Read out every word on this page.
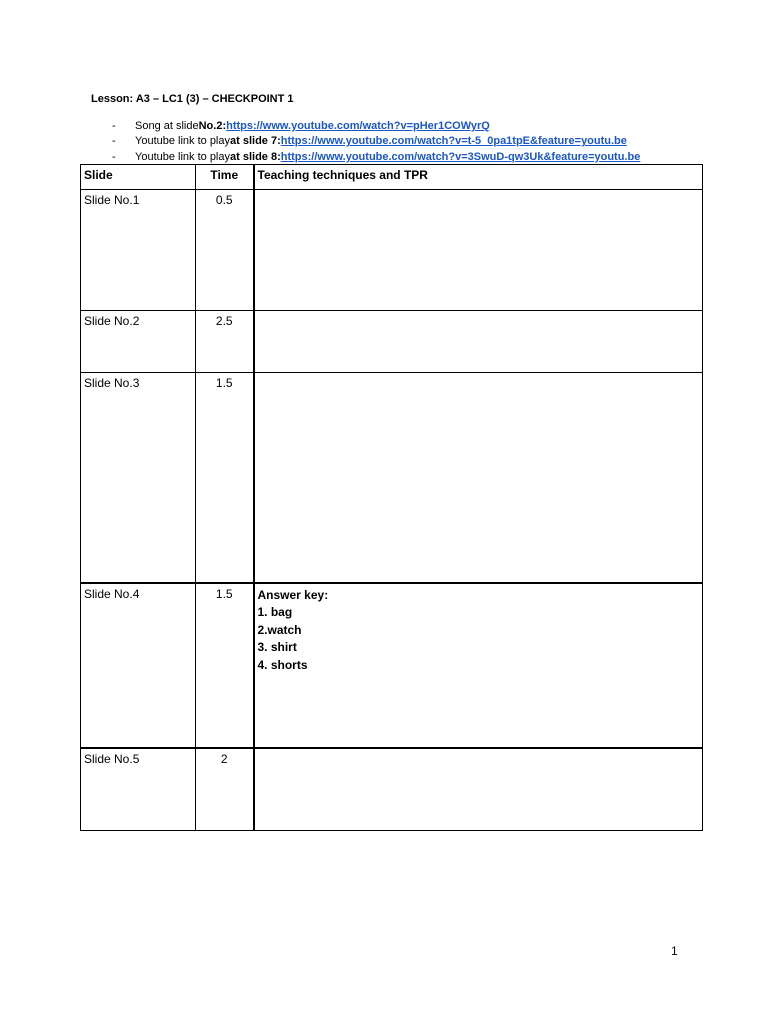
Lesson: A3 – LC1 (3) – CHECKPOINT 1
-	Song at slide No.2: https://www.youtube.com/watch?v=pHer1COWyrQ
-	Youtube link to play at slide 7: https://www.youtube.com/watch?v=t-5_0pa1tpE&feature=youtu.be
-	Youtube link to play at slide 8: https://www.youtube.com/watch?v=3SwuD-qw3Uk&feature=youtu.be
Slide	Time	Teaching techniques and TPR
Slide No.1	0.5	
Slide No.2	2.5	
Slide No.3	1.5	
Slide No.4	1.5	Answer key:
1. bag
2.watch
3. shirt
4. shorts

Slide No.5	2	
1
